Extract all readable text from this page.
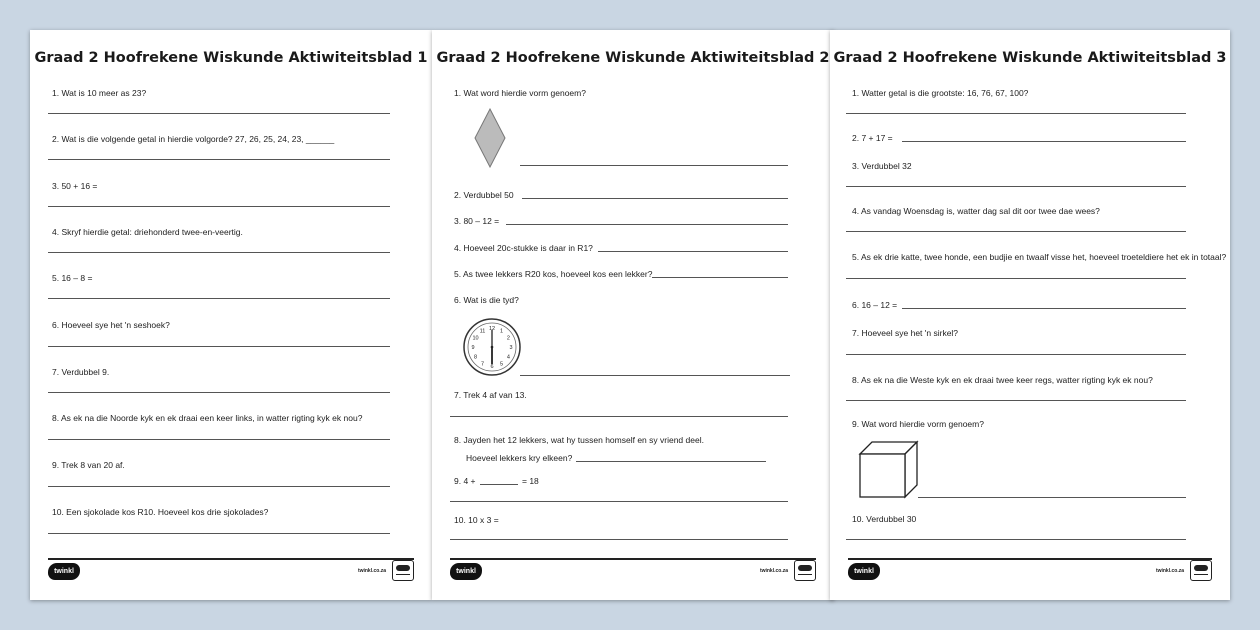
Graad 2 Hoofrekene Wiskunde Aktiwiteitsblad 1
1. Wat is 10 meer as 23?
2. Wat is die volgende getal in hierdie volgorde? 27, 26, 25, 24, 23, ______
3. 50 + 16 =
4. Skryf hierdie getal: driehonderd twee-en-veertig.
5. 16 – 8 =
6. Hoeveel sye het 'n seshoek?
7. Verdubbel 9.
8. As ek na die Noorde kyk en ek draai een keer links, in watter rigting kyk ek nou?
9. Trek 8 van 20 af.
10. Een sjokolade kos R10. Hoeveel kos drie sjokolades?
twinkl	twinkl.co.za
Graad 2 Hoofrekene Wiskunde Aktiwiteitsblad 2
1. Wat word hierdie vorm genoem?
2. Verdubbel 50
3. 80 – 12 =
4. Hoeveel 20c-stukke is daar in R1?
5. As twee lekkers R20 kos, hoeveel kos een lekker?
6. Wat is die tyd?
12 1
2
3
4
5
6
7
8
9
10
11
7. Trek 4 af van 13.
8. Jayden het 12 lekkers, wat hy tussen homself en sy vriend deel.
Hoeveel lekkers kry elkeen?
9. 4 +	= 18
10. 10 x 3 =
twinkl	twinkl.co.za
Graad 2 Hoofrekene Wiskunde Aktiwiteitsblad 3
1. Watter getal is die grootste: 16, 76, 67, 100?
2. 7 + 17 =
3. Verdubbel 32
4. As vandag Woensdag is, watter dag sal dit oor twee dae wees?
5. As ek drie katte, twee honde, een budjie en twaalf visse het, hoeveel troeteldiere het ek in totaal?
6. 16 – 12 =
7. Hoeveel sye het 'n sirkel?
8. As ek na die Weste kyk en ek draai twee keer regs, watter rigting kyk ek nou?
9. Wat word hierdie vorm genoem?
10. Verdubbel 30
twinkl	twinkl.co.za
